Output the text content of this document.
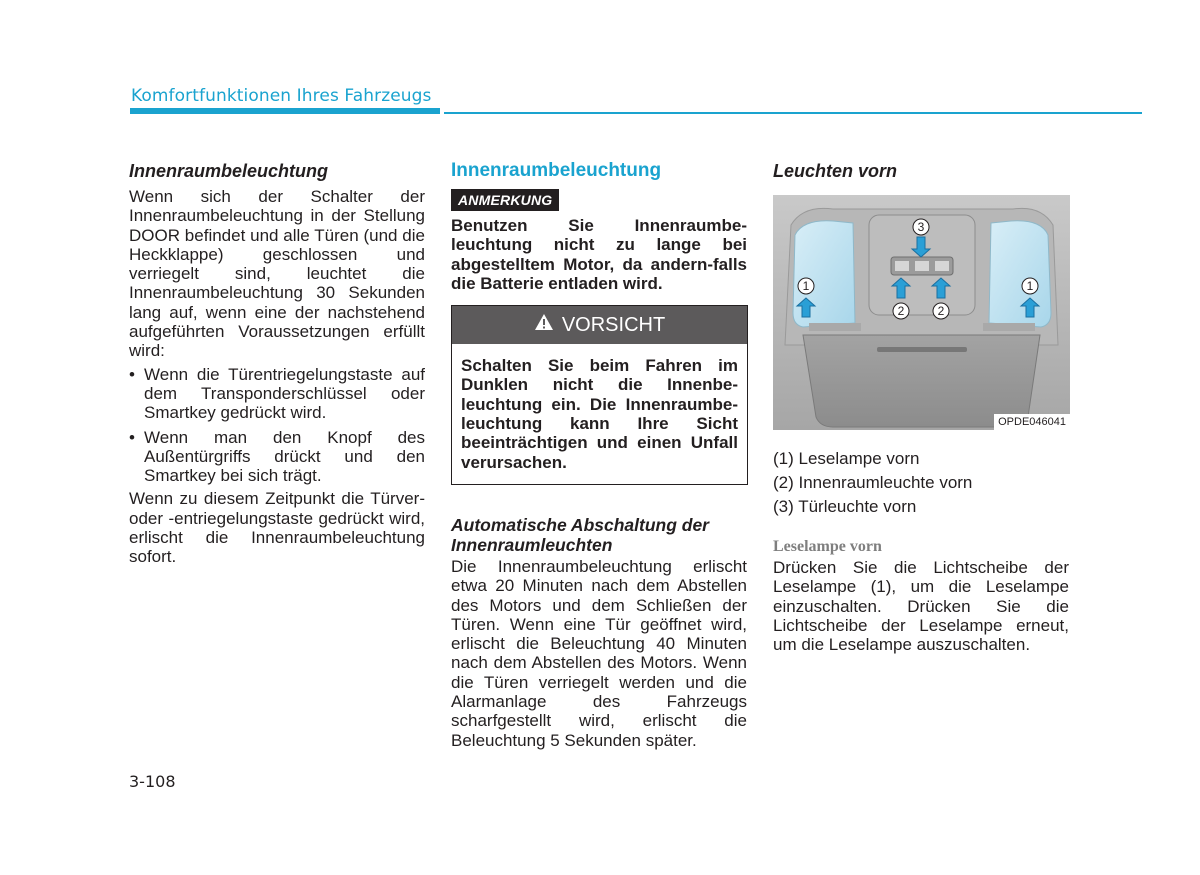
Komfortfunktionen Ihres Fahrzeugs
Innenraumbeleuchtung

Wenn sich der Schalter der Innenraumbeleuchtung in der Stellung DOOR befindet und alle Türen (und die Heckklappe) geschlossen und verriegelt sind, leuchtet die Innenraumbeleuchtung 30 Sekunden lang auf, wenn eine der nachstehend aufgeführten Voraussetzungen erfüllt wird:

• Wenn die Türentriegelungstaste auf dem Transponderschlüssel oder Smartkey gedrückt wird.
• Wenn man den Knopf des Außentürgriffs drückt und den Smartkey bei sich trägt.

Wenn zu diesem Zeitpunkt die Türver- oder -entriegelungstaste gedrückt wird, erlischt die Innenraumbeleuchtung sofort.

Innenraumbeleuchtung
ANMERKUNG

Benutzen Sie Innenraumbe-leuchtung nicht zu lange bei abgestelltem Motor, da andern-falls die Batterie entladen wird.

VORSICHT

Schalten Sie beim Fahren im Dunklen nicht die Innenbe-leuchtung ein. Die Innenraumbe-leuchtung kann Ihre Sicht beeinträchtigen und einen Unfall verursachen.

Automatische Abschaltung der Innenraumleuchten

Die Innenraumbeleuchtung erlischt etwa 20 Minuten nach dem Abstellen des Motors und dem Schließen der Türen. Wenn eine Tür geöffnet wird, erlischt die Beleuchtung 40 Minuten nach dem Abstellen des Motors. Wenn die Türen verriegelt werden und die Alarmanlage des Fahrzeugs scharfgestellt wird, erlischt die Beleuchtung 5 Sekunden später.

Leuchten vorn
1
2
3
2
1
OPDE046041

(1) Leselampe vorn

(2) Innenraumleuchte vorn

(3) Türleuchte vorn

Leselampe vorn

Drücken Sie die Lichtscheibe der Leselampe (1), um die Leselampe einzuschalten. Drücken Sie die Lichtscheibe der Leselampe erneut, um die Leselampe auszuschalten.

3-108
